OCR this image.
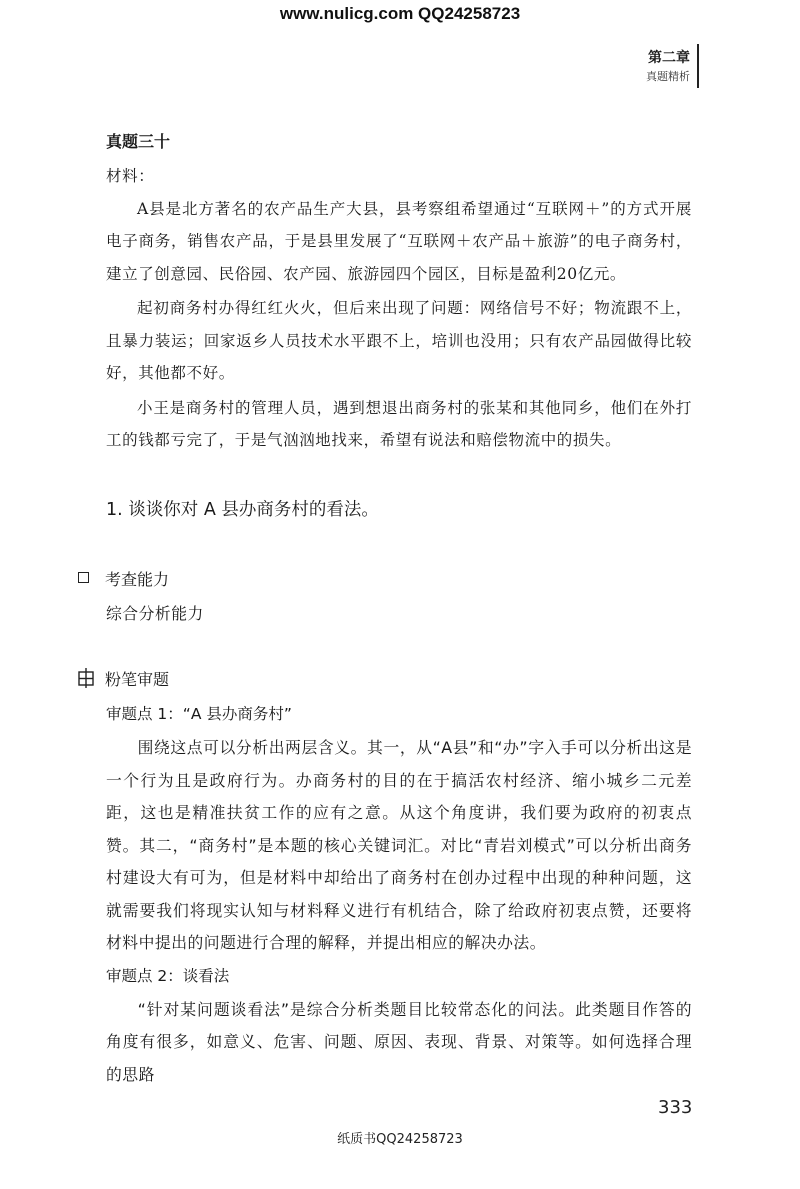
www.nulicg.com QQ24258723
第二章
真题精析

真题三十

材料：

A县是北方著名的农产品生产大县，县考察组希望通过“互联网＋”的方式开展电子商务，销售农产品，于是县里发展了“互联网＋农产品＋旅游”的电子商务村，建立了创意园、民俗园、农产园、旅游园四个园区，目标是盈利20亿元。

起初商务村办得红红火火，但后来出现了问题：网络信号不好；物流跟不上，且暴力装运；回家返乡人员技术水平跟不上，培训也没用；只有农产品园做得比较好，其他都不好。

小王是商务村的管理人员，遇到想退出商务村的张某和其他同乡，他们在外打工的钱都亏完了，于是气汹汹地找来，希望有说法和赔偿物流中的损失。

1. 谈谈你对 A 县办商务村的看法。

考查能力

综合分析能力

粉笔审题

审题点 1：“A 县办商务村”

围绕这点可以分析出两层含义。其一，从“A县”和“办”字入手可以分析出这是一个行为且是政府行为。办商务村的目的在于搞活农村经济、缩小城乡二元差距，这也是精准扶贫工作的应有之意。从这个角度讲，我们要为政府的初衷点赞。其二，“商务村”是本题的核心关键词汇。对比“青岩刘模式”可以分析出商务村建设大有可为，但是材料中却给出了商务村在创办过程中出现的种种问题，这就需要我们将现实认知与材料释义进行有机结合，除了给政府初衷点赞，还要将材料中提出的问题进行合理的解释，并提出相应的解决办法。

审题点 2：谈看法

“针对某问题谈看法”是综合分析类题目比较常态化的问法。此类题目作答的角度有很多，如意义、危害、问题、原因、表现、背景、对策等。如何选择合理的思路

333
纸质书QQ24258723
